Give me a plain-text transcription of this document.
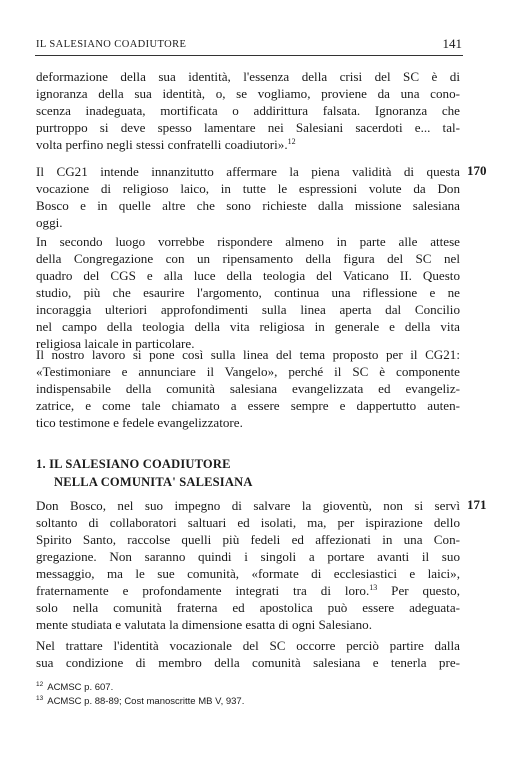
IL SALESIANO COADIUTORE	141
deformazione della sua identità, l'essenza della crisi del SC è di
ignoranza della sua identità, o, se vogliamo, proviene da una cono-
scenza inadeguata, mortificata o addirittura falsata. Ignoranza che
purtroppo si deve spesso lamentare nei Salesiani sacerdoti e... tal-
volta perfino negli stessi confratelli coadiutori».$^{12}$
Il CG21 intende innanzitutto affermare la piena validità di questa
vocazione di religioso laico, in tutte le espressioni volute da Don
Bosco e in quelle altre che sono richieste dalla missione salesiana
oggi.
170
In secondo luogo vorrebbe rispondere almeno in parte alle attese
della Congregazione con un ripensamento della figura del SC nel
quadro del CGS e alla luce della teologia del Vaticano II. Questo
studio, più che esaurire l'argomento, continua una riflessione e ne
incoraggia ulteriori approfondimenti sulla linea aperta dal Concilio
nel campo della teologia della vita religiosa in generale e della vita
religiosa laicale in particolare.
Il nostro lavoro si pone così sulla linea del tema proposto per il CG21:
«Testimoniare e annunciare il Vangelo», perché il SC è componente
indispensabile della comunità salesiana evangelizzata ed evangeliz-
zatrice, e come tale chiamato a essere sempre e dappertutto auten-
tico testimone e fedele evangelizzatore.
1. IL SALESIANO COADIUTORE
NELLA COMUNITA' SALESIANA
Don Bosco, nel suo impegno di salvare la gioventù, non si servì
soltanto di collaboratori saltuari ed isolati, ma, per ispirazione dello
Spirito Santo, raccolse quelli più fedeli ed affezionati in una Con-
gregazione. Non saranno quindi i singoli a portare avanti il suo
messaggio, ma le sue comunità, «formate di ecclesiastici e laici»,
fraternamente e profondamente integrati tra di loro.$^{13}$ Per questo,
solo nella comunità fraterna ed apostolica può essere adeguata-
mente studiata e valutata la dimensione esatta di ogni Salesiano.
171
Nel trattare l'identità vocazionale del SC occorre perciò partire dalla
sua condizione di membro della comunità salesiana e tenerla pre-
$^{12}$ ACMSC p. 607.
$^{13}$ ACMSC p. 88-89; Cost manoscritte MB V, 937.
